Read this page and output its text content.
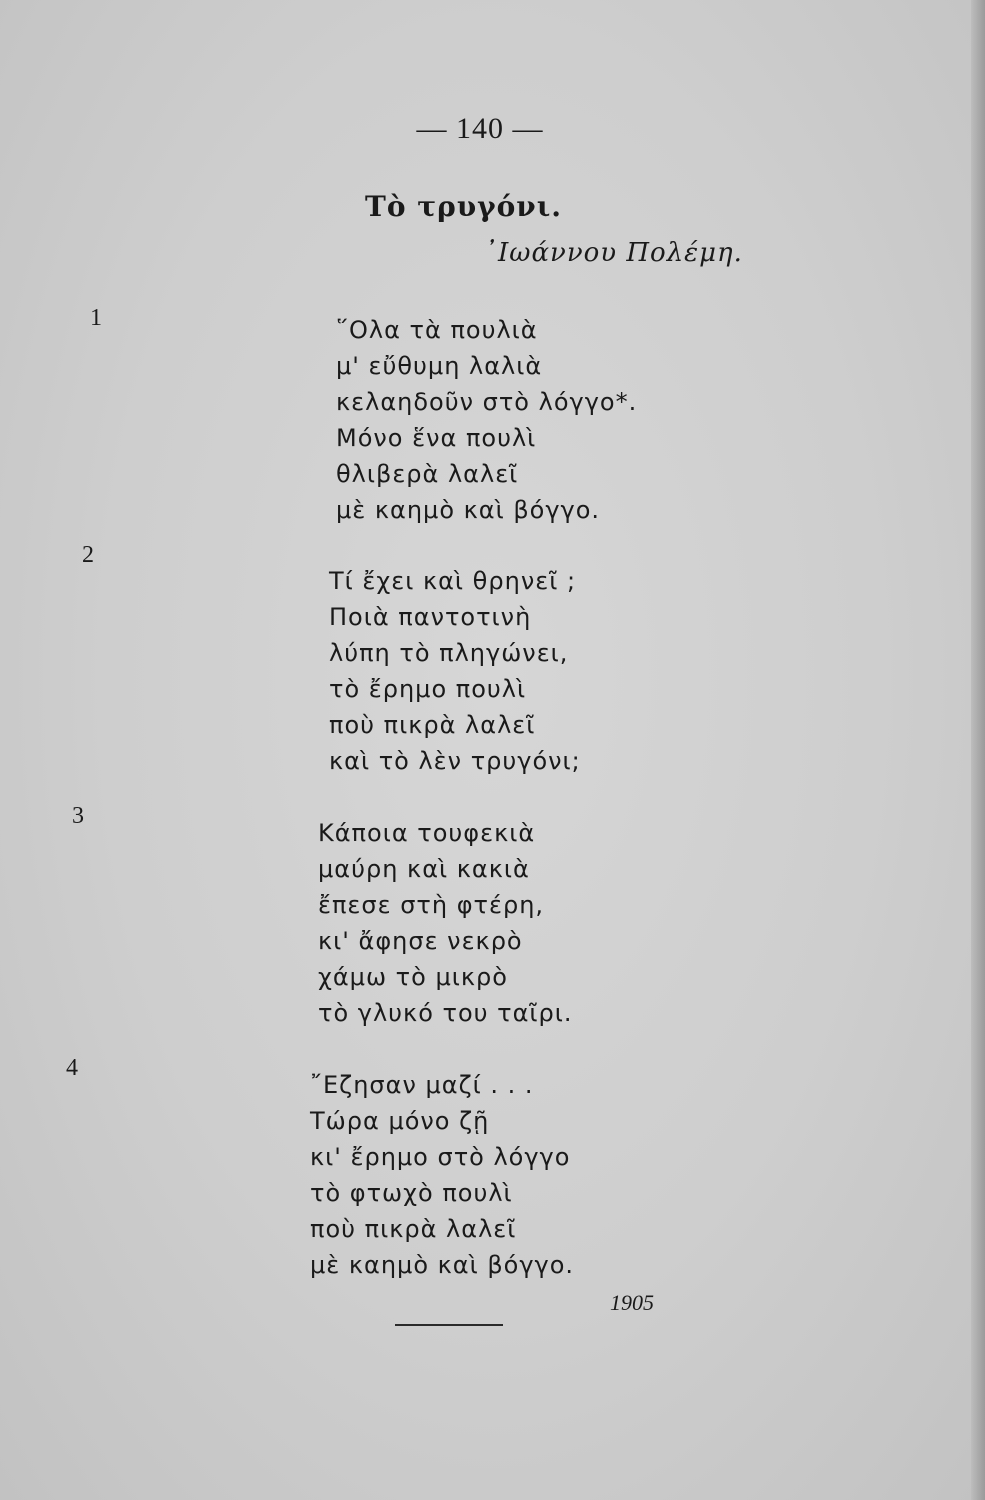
— 140 —
Τὸ τρυγόνι.
᾿Ιωάννου Πολέμη.
1	῞Ολα τὰ πουλιὰ
μ' εὔθυμη λαλιὰ
κελαηδοῦν στὸ λόγγο*.
Μόνο ἕνα πουλὶ
θλιβερὰ λαλεῖ
μὲ καημὸ καὶ βόγγο.
2
Τί ἔχει καὶ θρηνεῖ ;
Ποιὰ παντοτινὴ
λύπη τὸ πληγώνει,
τὸ ἔρημο πουλὶ
ποὺ πικρὰ λαλεῖ
καὶ τὸ λὲν τρυγόνι;
3
Κάποια τουφεκιὰ
μαύρη καὶ κακιὰ
ἔπεσε στὴ φτέρη,
κι' ἄφησε νεκρὸ
χάμω τὸ μικρὸ
τὸ γλυκό του ταῖρι.
4
῎Εζησαν μαζί . . .
Τώρα μόνο ζῇ
κι' ἔρημο στὸ λόγγο
τὸ φτωχὸ πουλὶ
ποὺ πικρὰ λαλεῖ
μὲ καημὸ καὶ βόγγο.
1905
